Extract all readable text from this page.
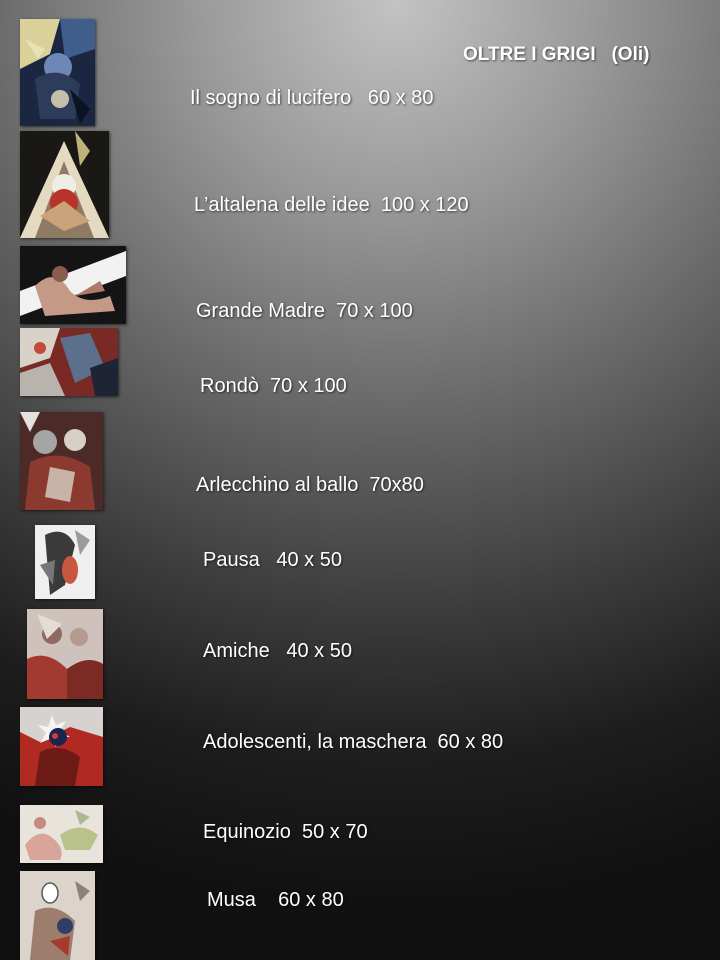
OLTRE I GRIGI   (Oli)
Il sogno di lucifero   60 x 80
L’altalena delle idee  100 x 120
Grande Madre  70 x 100
Rondò  70 x 100
Arlecchino al ballo  70x80
Pausa   40 x 50
Amiche   40 x 50
Adolescenti, la maschera  60 x 80
Equinozio  50 x 70
Musa    60 x 80
